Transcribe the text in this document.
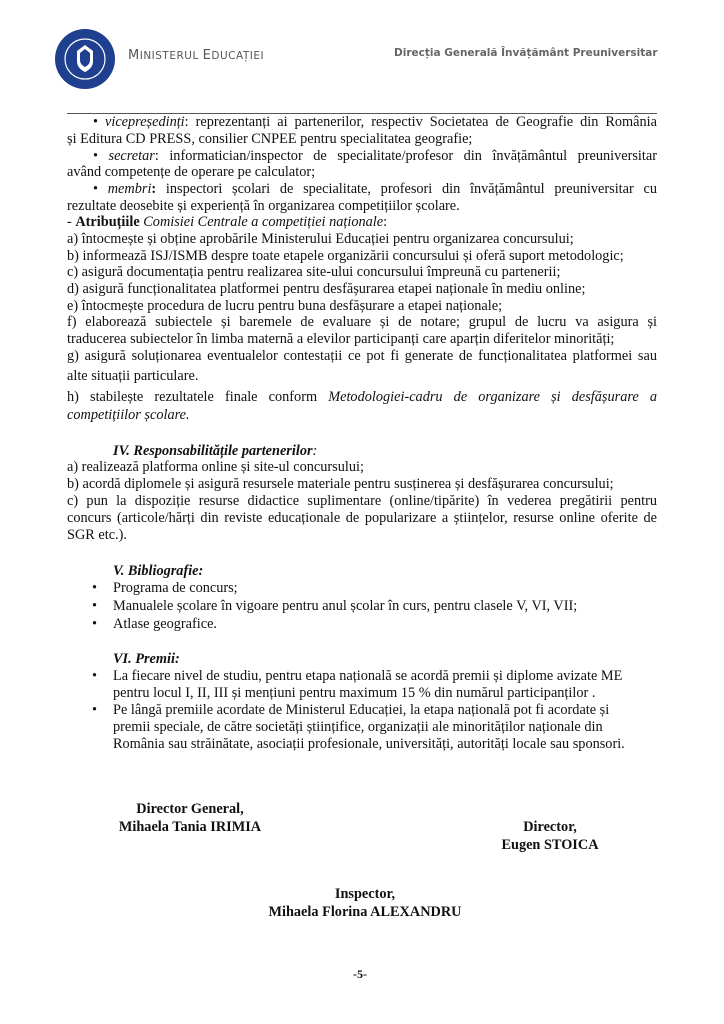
MINISTERUL EDUCAȚIEI	Direcția Generală Învățământ Preuniversitar
• vicepreședinți: reprezentanți ai partenerilor, respectiv Societatea de Geografie din România
și Editura CD PRESS, consilier CNPEE pentru specialitatea geografie;
• secretar: informatician/inspector de specialitate/profesor din învățământul preuniversitar
având competențe de operare pe calculator;
• membri: inspectori școlari de specialitate, profesori din învățământul preuniversitar cu
rezultate deosebite și experiență în organizarea competițiilor școlare.
- Atribuțiile Comisiei Centrale a competiției naționale:
a) întocmește și obține aprobările Ministerului Educației pentru organizarea concursului;
b) informează ISJ/ISMB despre toate etapele organizării concursului și oferă suport metodologic;
c) asigură documentația pentru realizarea site-ului concursului împreună cu partenerii;
d) asigură funcționalitatea platformei pentru desfășurarea etapei naționale în mediu online;
e) întocmește procedura de lucru pentru buna desfășurare a etapei naționale;
f) elaborează subiectele și baremele de evaluare și de notare; grupul de lucru va asigura și
traducerea subiectelor în limba maternă a elevilor participanți care aparțin diferitelor minorități;
g) asigură soluționarea eventualelor contestații ce pot fi generate de funcționalitatea platformei sau
alte situații particulare.
h) stabilește rezultatele finale conform Metodologiei-cadru de organizare și desfășurare a
competițiilor școlare.
IV. Responsabilitățile partenerilor:
a) realizează platforma online și site-ul concursului;
b) acordă diplomele și asigură resursele materiale pentru susținerea și desfășurarea concursului;
c) pun la dispoziție resurse didactice suplimentare (online/tipărite) în vederea pregătirii pentru
concurs (articole/hărți din reviste educaționale de popularizare a științelor, resurse online oferite de
SGR etc.).
V. Bibliografie:
• Programa de concurs;
• Manualele școlare în vigoare pentru anul școlar în curs, pentru clasele V, VI, VII;
• Atlase geografice.
VI. Premii:
• La fiecare nivel de studiu, pentru etapa națională se acordă premii și diplome avizate ME
pentru locul I, II, III și mențiuni pentru maximum 15 % din numărul participanților .
• Pe lângă premiile acordate de Ministerul Educației, la etapa națională pot fi acordate și
premii speciale, de către societăți științifice, organizații ale minorităților naționale din
România sau străinătate, asociații profesionale, universități, autorități locale sau sponsori.
Director General,
Mihaela Tania IRIMIA	Director,
Eugen STOICA
Inspector,
Mihaela Florina ALEXANDRU
-5-
